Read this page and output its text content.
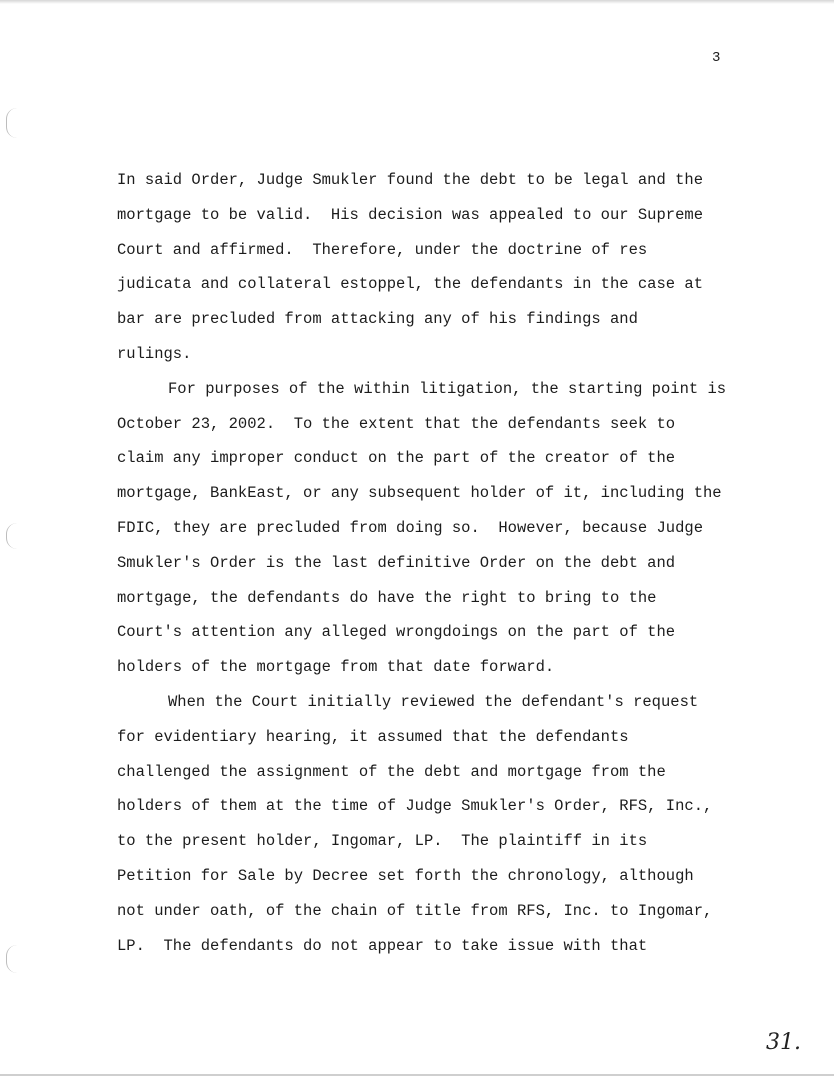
3
In said Order, Judge Smukler found the debt to be legal and the
mortgage to be valid.  His decision was appealed to our Supreme
Court and affirmed.  Therefore, under the doctrine of res
judicata and collateral estoppel, the defendants in the case at
bar are precluded from attacking any of his findings and
rulings.
For purposes of the within litigation, the starting point is
October 23, 2002.  To the extent that the defendants seek to
claim any improper conduct on the part of the creator of the
mortgage, BankEast, or any subsequent holder of it, including the
FDIC, they are precluded from doing so.  However, because Judge
Smukler's Order is the last definitive Order on the debt and
mortgage, the defendants do have the right to bring to the
Court's attention any alleged wrongdoings on the part of the
holders of the mortgage from that date forward.
When the Court initially reviewed the defendant's request
for evidentiary hearing, it assumed that the defendants
challenged the assignment of the debt and mortgage from the
holders of them at the time of Judge Smukler's Order, RFS, Inc.,
to the present holder, Ingomar, LP.  The plaintiff in its
Petition for Sale by Decree set forth the chronology, although
not under oath, of the chain of title from RFS, Inc. to Ingomar,
LP.  The defendants do not appear to take issue with that
31.
